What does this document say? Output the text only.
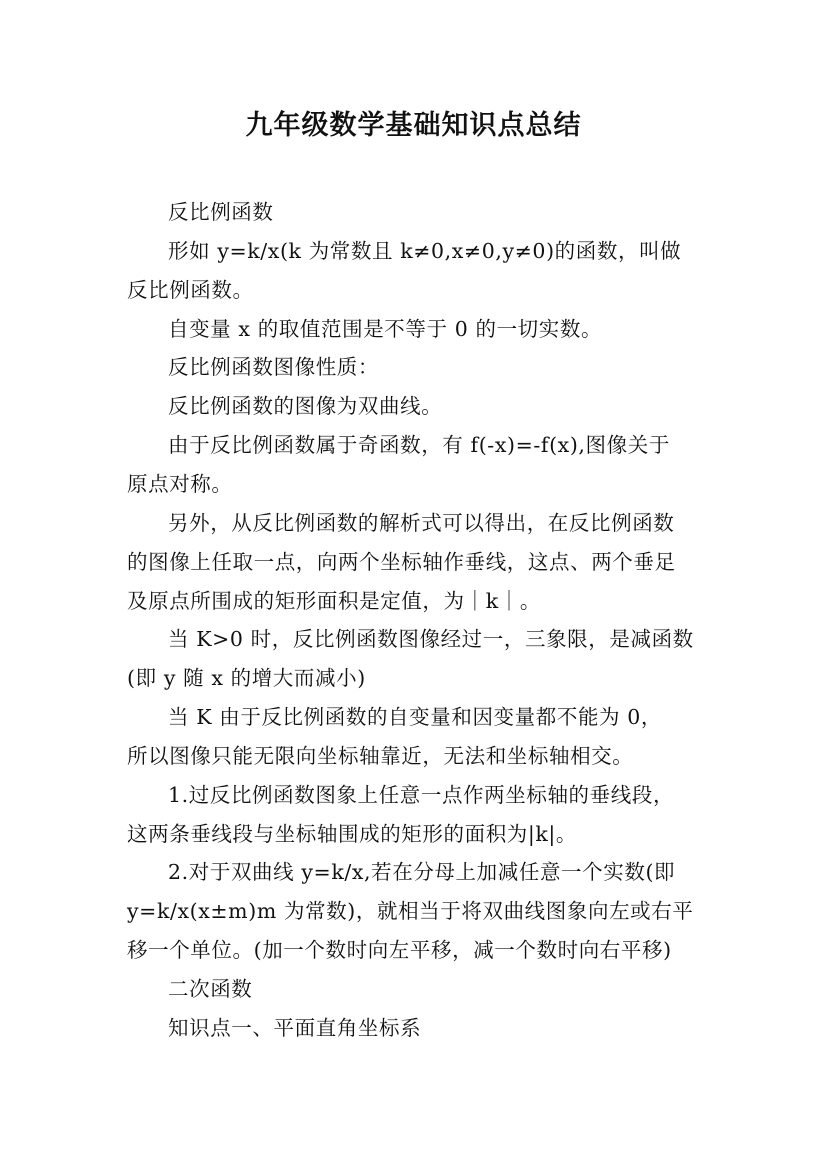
九年级数学基础知识点总结
反比例函数
形如 y=k/x(k 为常数且 k≠0,x≠0,y≠0)的函数，叫做
反比例函数。
自变量 x 的取值范围是不等于 0 的一切实数。
反比例函数图像性质：
反比例函数的图像为双曲线。
由于反比例函数属于奇函数，有 f(-x)=-f(x),图像关于
原点对称。
另外，从反比例函数的解析式可以得出，在反比例函数
的图像上任取一点，向两个坐标轴作垂线，这点、两个垂足
及原点所围成的矩形面积是定值，为｜k｜。
当 K>0 时，反比例函数图像经过一，三象限，是减函数
(即 y 随 x 的增大而减小)
当 K 由于反比例函数的自变量和因变量都不能为 0，
所以图像只能无限向坐标轴靠近，无法和坐标轴相交。
1.过反比例函数图象上任意一点作两坐标轴的垂线段，
这两条垂线段与坐标轴围成的矩形的面积为|k|。
2.对于双曲线 y=k/x,若在分母上加减任意一个实数(即
y=k/x(x±m)m 为常数)，就相当于将双曲线图象向左或右平
移一个单位。(加一个数时向左平移，减一个数时向右平移)
二次函数
知识点一、平面直角坐标系
